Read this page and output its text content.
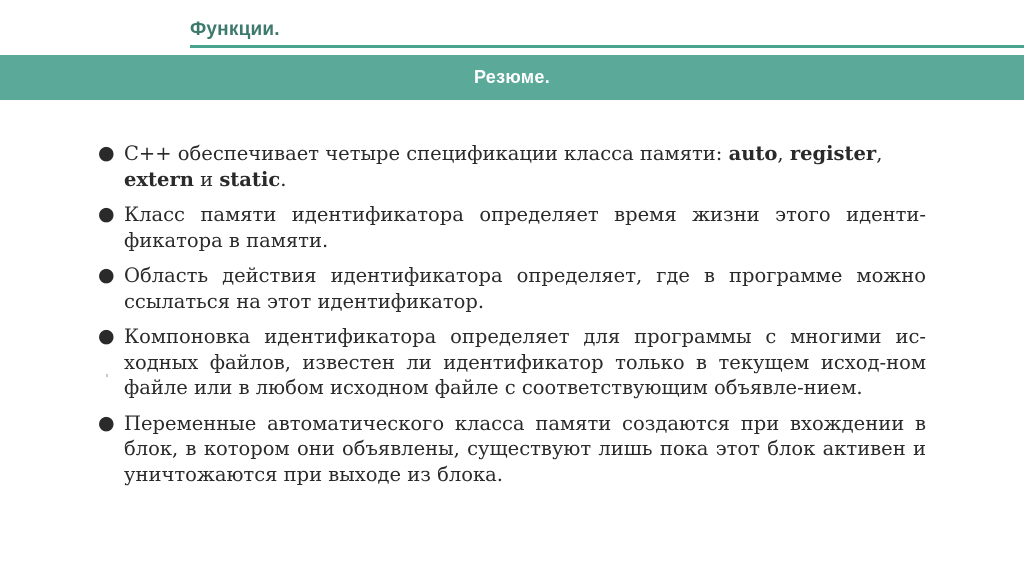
Функции.
Резюме.
● С++ обеспечивает четыре спецификации класса памяти: auto, register,
extern и static.
● Класс памяти идентификатора определяет время жизни этого иденти-фикатора в памяти.
● Область действия идентификатора определяет, где в программе можно ссылаться на этот идентификатор.
● Компоновка идентификатора определяет для программы с многими ис-ходных файлов, известен ли идентификатор только в текущем исход-ном файле или в любом исходном файле с соответствующим объявле-нием.
● Переменные автоматического класса памяти создаются при вхождении в блок, в котором они объявлены, существуют лишь пока этот блок активен и уничтожаются при выходе из блока.
